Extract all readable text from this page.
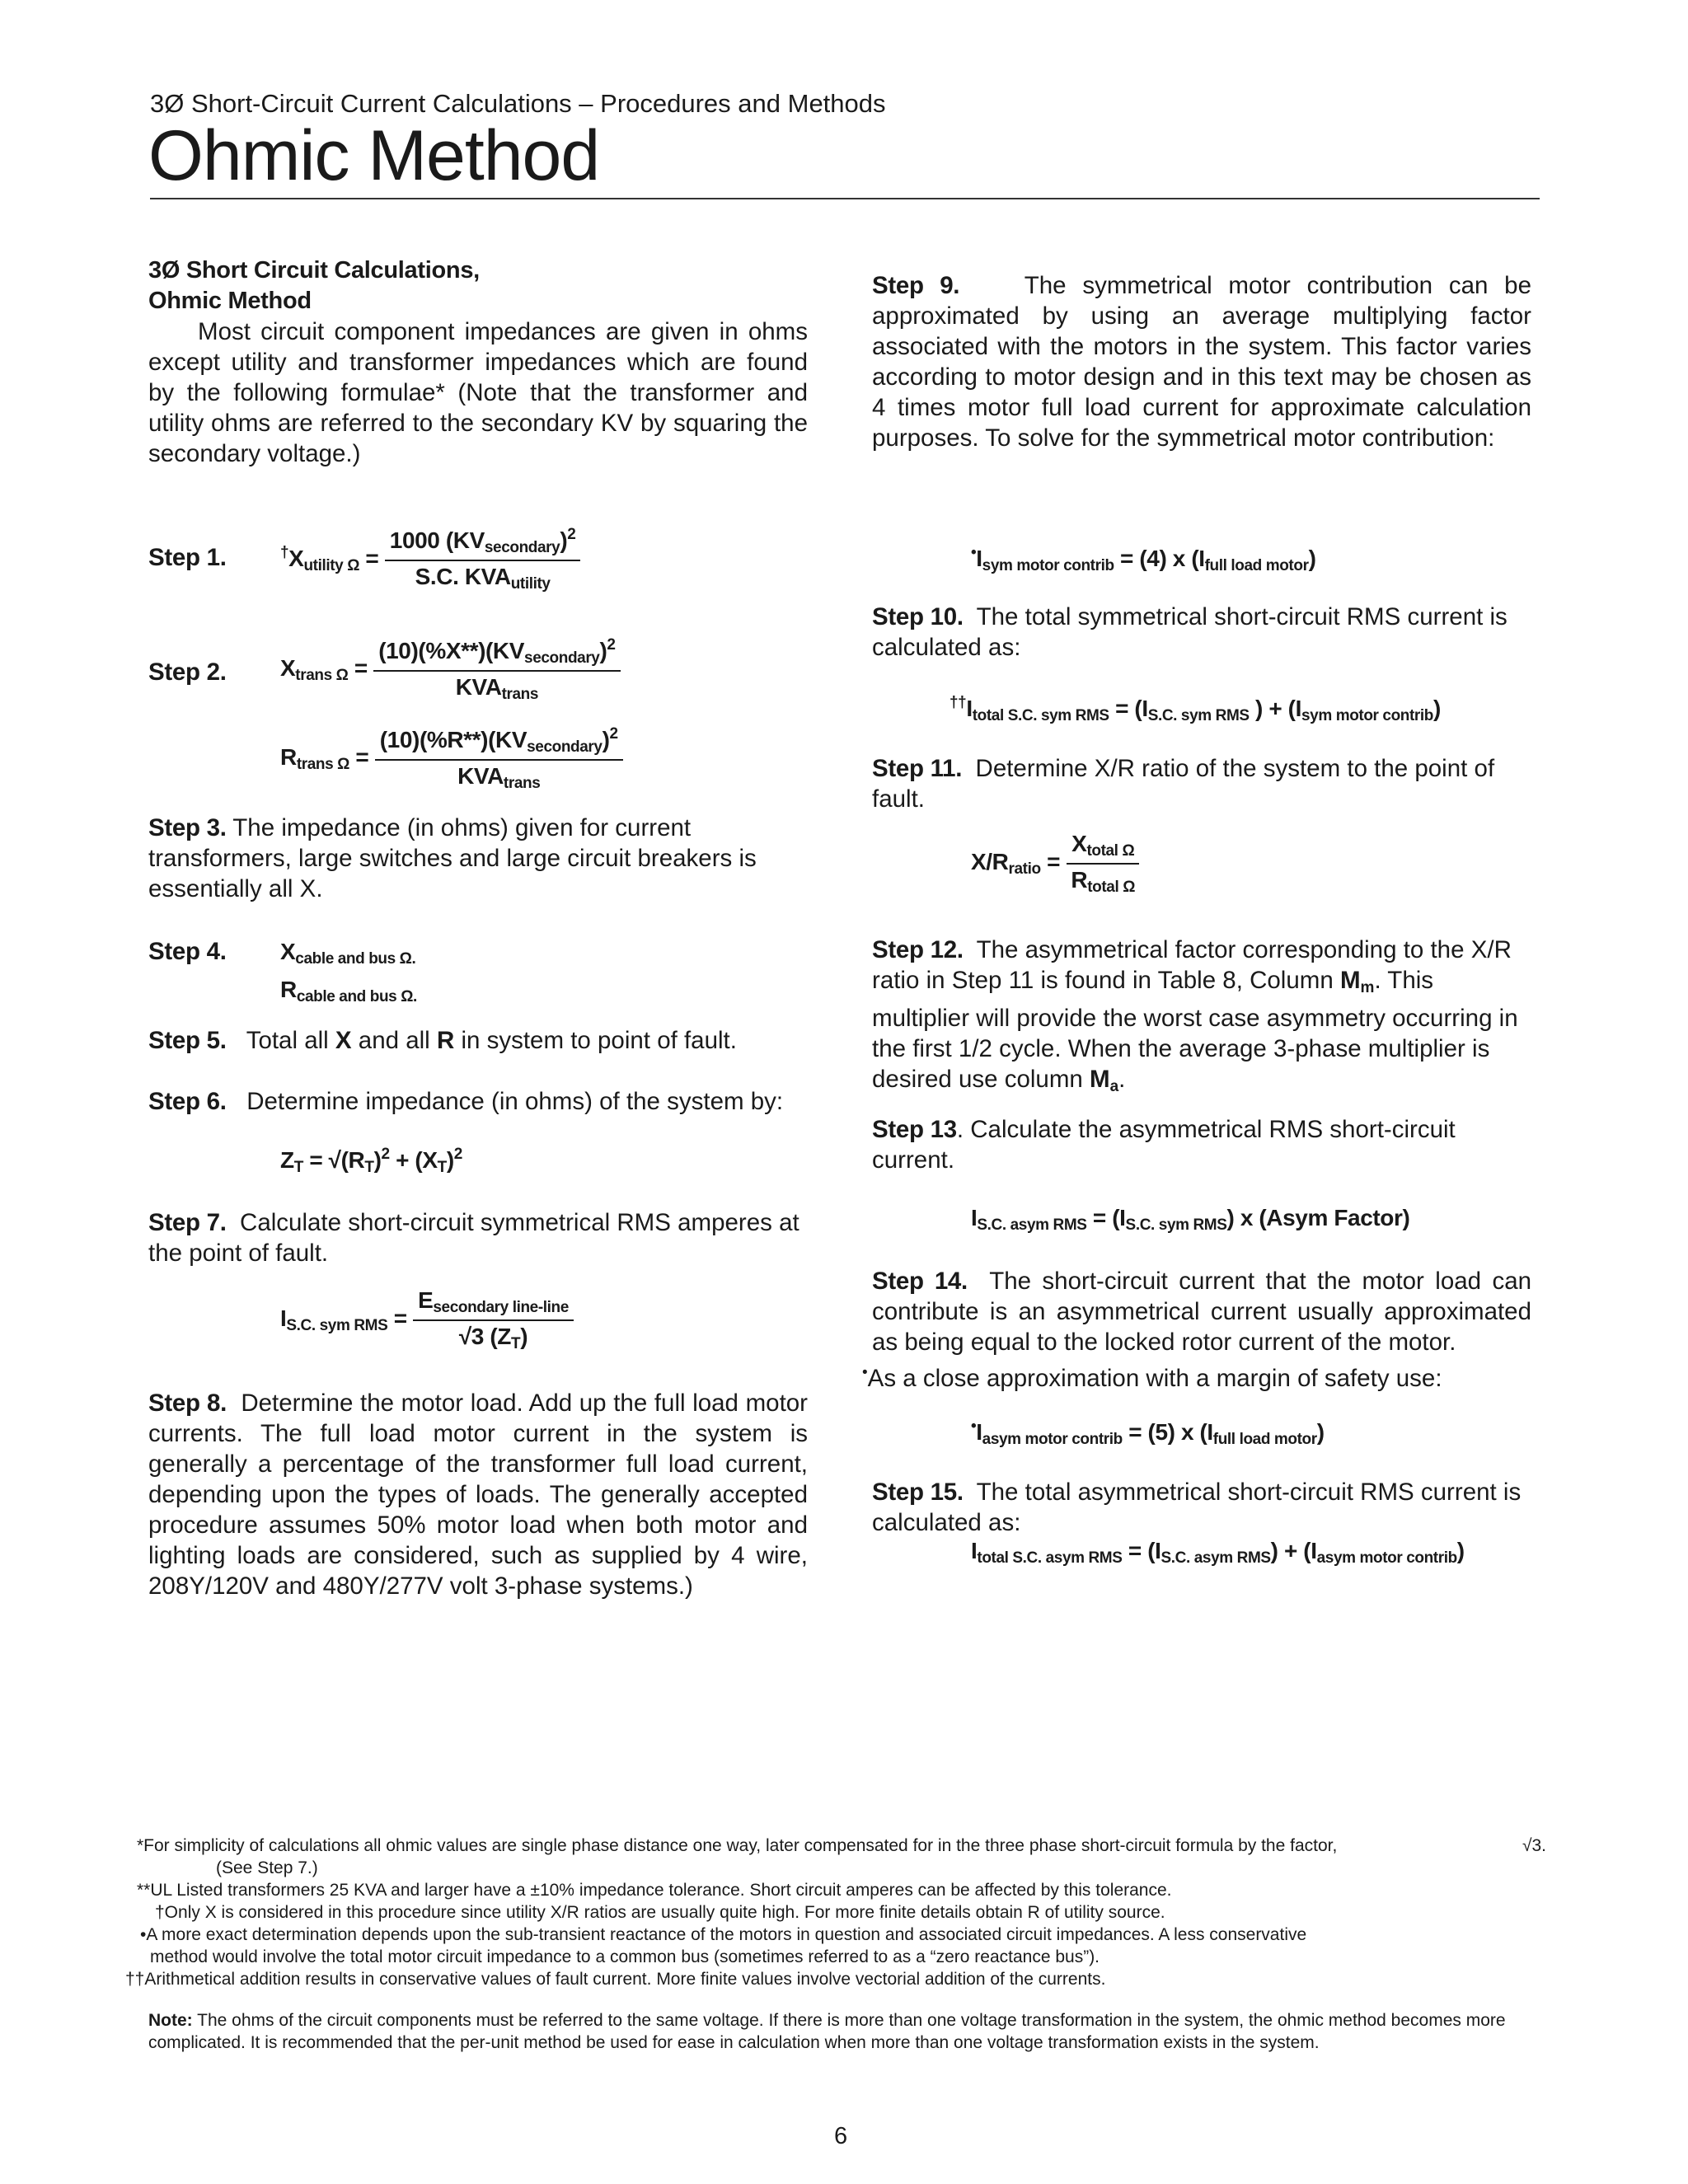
3Ø Short-Circuit Current Calculations – Procedures and Methods
Ohmic Method
3Ø Short Circuit Calculations,
Ohmic Method

Most circuit component impedances are given in ohms except utility and transformer impedances which are found by the following formulae* (Note that the transformer and utility ohms are referred to the secondary KV by squaring the secondary voltage.)

Step 1.	$^\dagger X_{utility \Omega} = \frac{1000 (KV_{secondary})^2}{S.C. KVA_{utility}}$
Step 2. $X_{trans \Omega} = \frac{(10)(\%X**)(KV_{secondary})^2}{KVA_{trans}}$
$R_{trans \Omega} = \frac{(10)(\%R**)(KV_{secondary})^2}{KVA_{trans}}$

Step 3. The impedance (in ohms) given for current transformers, large switches and large circuit breakers is essentially all X.

Step 4. $X_{cable and bus \Omega.}$
$R_{cable and bus \Omega.}$
Step 5. Total all X and all R in system to point of fault.
Step 6. Determine impedance (in ohms) of the system by:
$Z_T = √(R_T)^2 + (X_T)^2$

Step 7. Calculate short-circuit symmetrical RMS amperes at the point of fault.

$I_{S.C. sym RMS} = \frac{E_{secondary line-line}}{√3 (Z_T)}$

Step 8. Determine the motor load. Add up the full load motor currents. The full load motor current in the system is generally a percentage of the transformer full load current, depending upon the types of loads. The generally accepted procedure assumes 50% motor load when both motor and lighting loads are considered, such as supplied by 4 wire, 208Y/120V and 480Y/277V volt 3-phase systems.)

Step 9.	The symmetrical motor contribution can be approximated by using an average multiplying factor associated with the motors in the system. This factor varies according to motor design and in this text may be chosen as 4 times motor full load current for approximate calculation purposes. To solve for the symmetrical motor contribution:

$^•I_{sym motor contrib} = (4)$ x $(I_{full load motor})$

Step 10. The total symmetrical short-circuit RMS current is calculated as:

$^{\dagger\dagger}I_{total S.C. sym RMS} = (I_{S.C. sym RMS}$ ) + $(I_{sym motor contrib})$

Step 11. Determine X/R ratio of the system to the point of fault.

$X/R_{ratio} = \frac{X_{total \Omega}}{R_{total \Omega}}$

Step 12. The asymmetrical factor corresponding to the X/R ratio in Step 11 is found in Table 8, Column $M_m$. This multiplier will provide the worst case asymmetry occurring in the first 1/2 cycle. When the average 3-phase multiplier is desired use column $M_a$.

Step 13. Calculate the asymmetrical RMS short-circuit current.

$I_{S.C. asym RMS} = (I_{S.C. sym RMS})$ x (Asym Factor)

Step 14. The short-circuit current that the motor load can contribute is an asymmetrical current usually approximated as being equal to the locked rotor current of the motor.

•As a close approximation with a margin of safety use:
$^•I_{asym motor contrib} = (5)$ x $(I_{full load motor})$

Step 15. The total asymmetrical short-circuit RMS current is calculated as:

$I_{total S.C. asym RMS} = (I_{S.C. asym RMS}) + (I_{asym motor contrib})$
*For simplicity of calculations all ohmic values are single phase distance one way, later compensated for in the three phase short-circuit formula by the factor,	√3.
(See Step 7.)
**UL Listed transformers 25 KVA and larger have a ±10% impedance tolerance. Short circuit amperes can be affected by this tolerance.
†Only X is considered in this procedure since utility X/R ratios are usually quite high. For more finite details obtain R of utility source.
•A more exact determination depends upon the sub-transient reactance of the motors in question and associated circuit impedances. A less conservative
method would involve the total motor circuit impedance to a common bus (sometimes referred to as a “zero reactance bus”).
††Arithmetical addition results in conservative values of fault current. More finite values involve vectorial addition of the currents.
Note: The ohms of the circuit components must be referred to the same voltage. If there is more than one voltage transformation in the system, the ohmic method becomes more complicated. It is recommended that the per-unit method be used for ease in calculation when more than one voltage transformation exists in the system.
6
